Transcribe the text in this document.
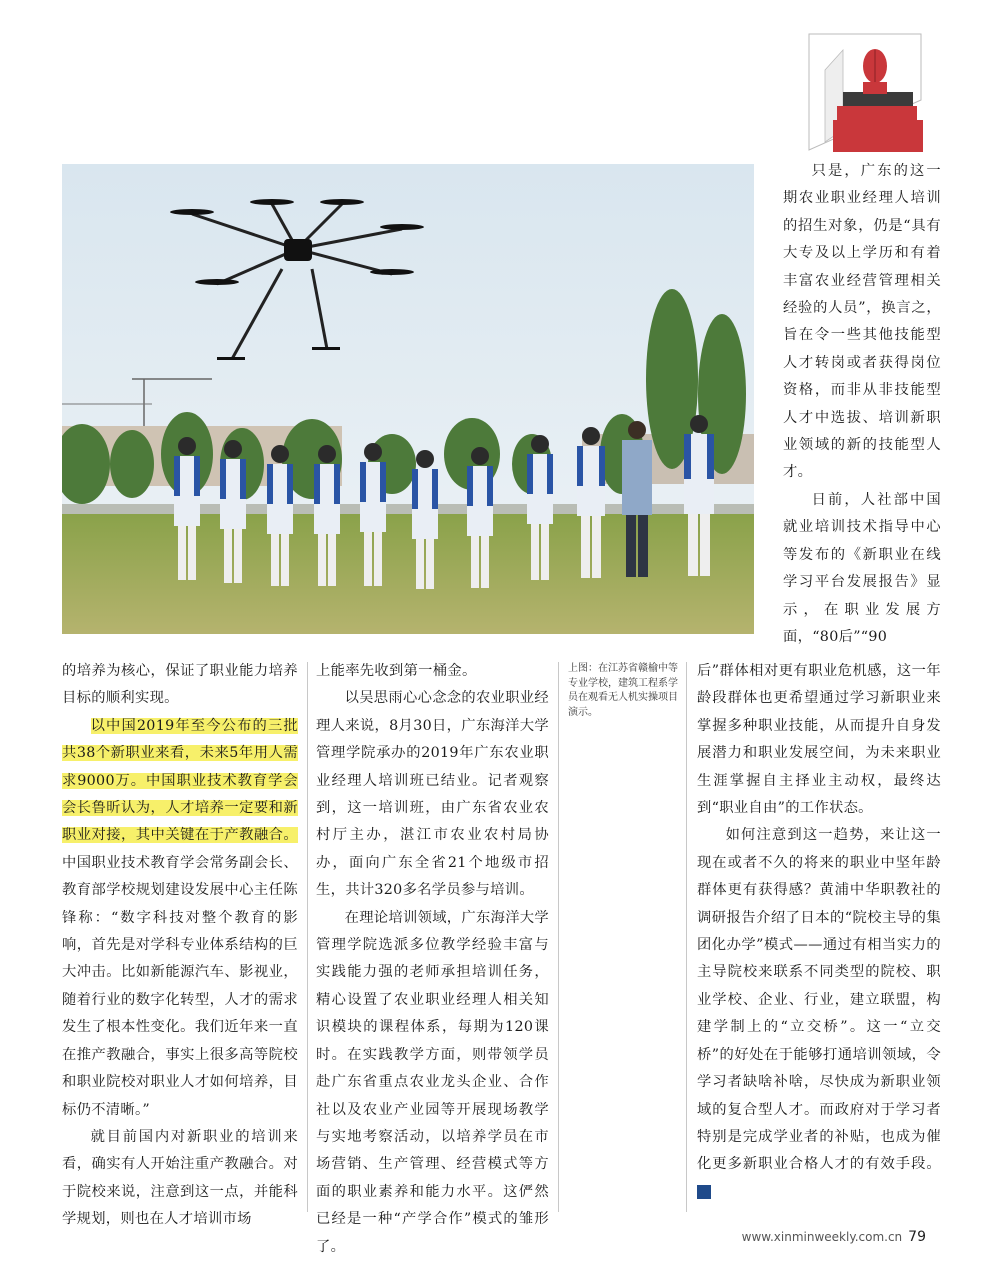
只是，广东的这一期农业职业经理人培训的招生对象，仍是“具有大专及以上学历和有着丰富农业经营管理相关经验的人员”，换言之，旨在令一些其他技能型人才转岗或者获得岗位资格，而非从非技能型人才中选拔、培训新职业领域的新的技能型人才。

日前，人社部中国就业培训技术指导中心等发布的《新职业在线学习平台发展报告》显示，在职业发展方面，“80后”“90

的培养为核心，保证了职业能力培养目标的顺利实现。

以中国2019年至今公布的三批共38个新职业来看，未来5年用人需求9000万。中国职业技术教育学会会长鲁昕认为，人才培养一定要和新职业对接，其中关键在于产教融合。中国职业技术教育学会常务副会长、教育部学校规划建设发展中心主任陈锋称：“数字科技对整个教育的影响，首先是对学科专业体系结构的巨大冲击。比如新能源汽车、影视业，随着行业的数字化转型，人才的需求发生了根本性变化。我们近年来一直在推产教融合，事实上很多高等院校和职业院校对职业人才如何培养，目标仍不清晰。”

就目前国内对新职业的培训来看，确实有人开始注重产教融合。对于院校来说，注意到这一点，并能科学规划，则也在人才培训市场

上能率先收到第一桶金。

以吴思雨心心念念的农业职业经理人来说，8月30日，广东海洋大学管理学院承办的2019年广东农业职业经理人培训班已结业。记者观察到，这一培训班，由广东省农业农村厅主办，湛江市农业农村局协办，面向广东全省21个地级市招生，共计320多名学员参与培训。

在理论培训领域，广东海洋大学管理学院选派多位教学经验丰富与实践能力强的老师承担培训任务，精心设置了农业职业经理人相关知识模块的课程体系，每期为120课时。在实践教学方面，则带领学员赴广东省重点农业龙头企业、合作社以及农业产业园等开展现场教学与实地考察活动，以培养学员在市场营销、生产管理、经营模式等方面的职业素养和能力水平。这俨然已经是一种“产学合作”模式的雏形了。

上图：在江苏省赣榆中等专业学校，建筑工程系学员在观看无人机实操项目演示。

后”群体相对更有职业危机感，这一年龄段群体也更希望通过学习新职业来掌握多种职业技能，从而提升自身发展潜力和职业发展空间，为未来职业生涯掌握自主择业主动权，最终达到“职业自由”的工作状态。

如何注意到这一趋势，来让这一现在或者不久的将来的职业中坚年龄群体更有获得感？黄浦中华职教社的调研报告介绍了日本的“院校主导的集团化办学”模式——通过有相当实力的主导院校来联系不同类型的院校、职业学校、企业、行业，建立联盟，构建学制上的“立交桥”。这一“立交桥”的好处在于能够打通培训领域，令学习者缺啥补啥，尽快成为新职业领域的复合型人才。而政府对于学习者特别是完成学业者的补贴，也成为催化更多新职业合格人才的有效手段。民

www.xinminweekly.com.cn 79
